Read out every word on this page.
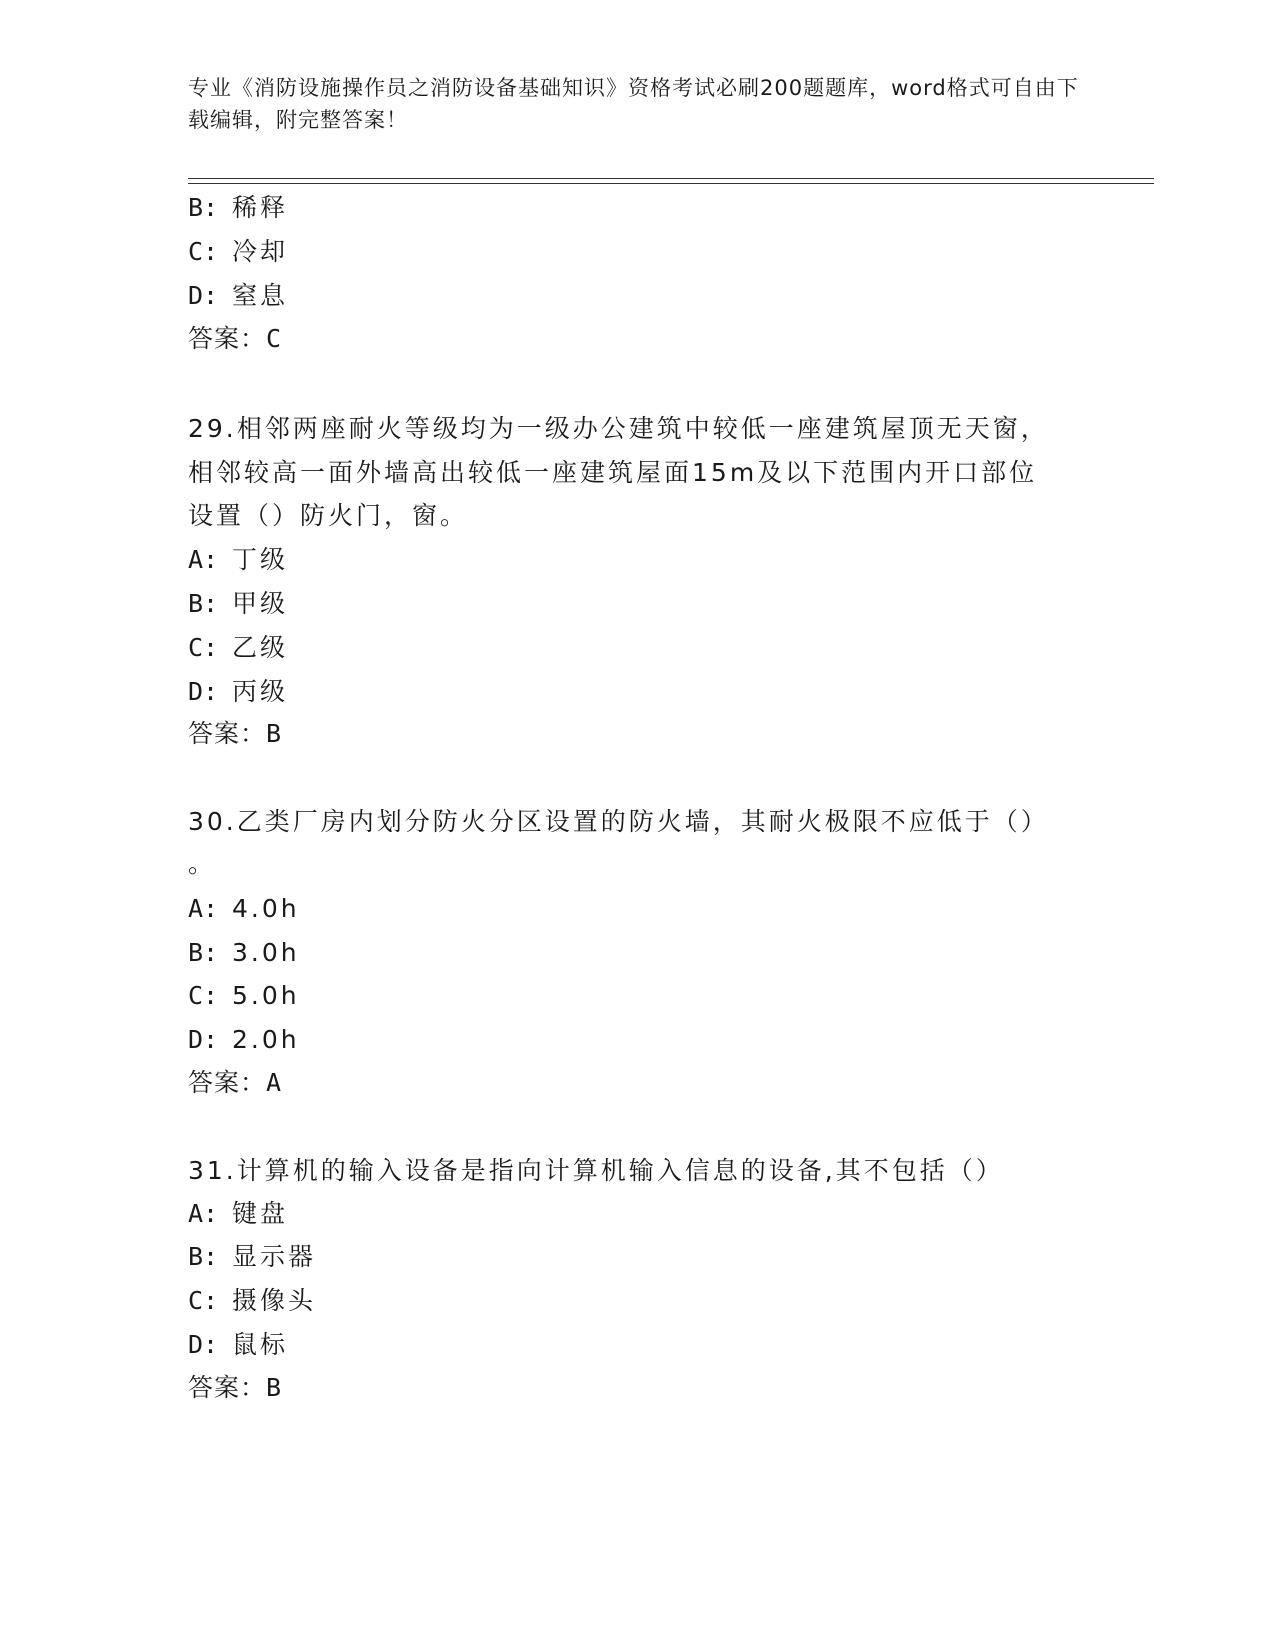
专业《消防设施操作员之消防设备基础知识》资格考试必刷200题题库，word格式可自由下载编辑，附完整答案！
B: 稀释
C: 冷却
D: 窒息
答案：C
29.相邻两座耐火等级均为一级办公建筑中较低一座建筑屋顶无天窗，
相邻较高一面外墙高出较低一座建筑屋面15m及以下范围内开口部位
设置（）防火门，窗。
A: 丁级
B: 甲级
C: 乙级
D: 丙级
答案：B
30.乙类厂房内划分防火分区设置的防火墙，其耐火极限不应低于（）
。
A: 4.0h
B: 3.0h
C: 5.0h
D: 2.0h
答案：A
31.计算机的输入设备是指向计算机输入信息的设备,其不包括（）
A: 键盘
B: 显示器
C: 摄像头
D: 鼠标
答案：B
